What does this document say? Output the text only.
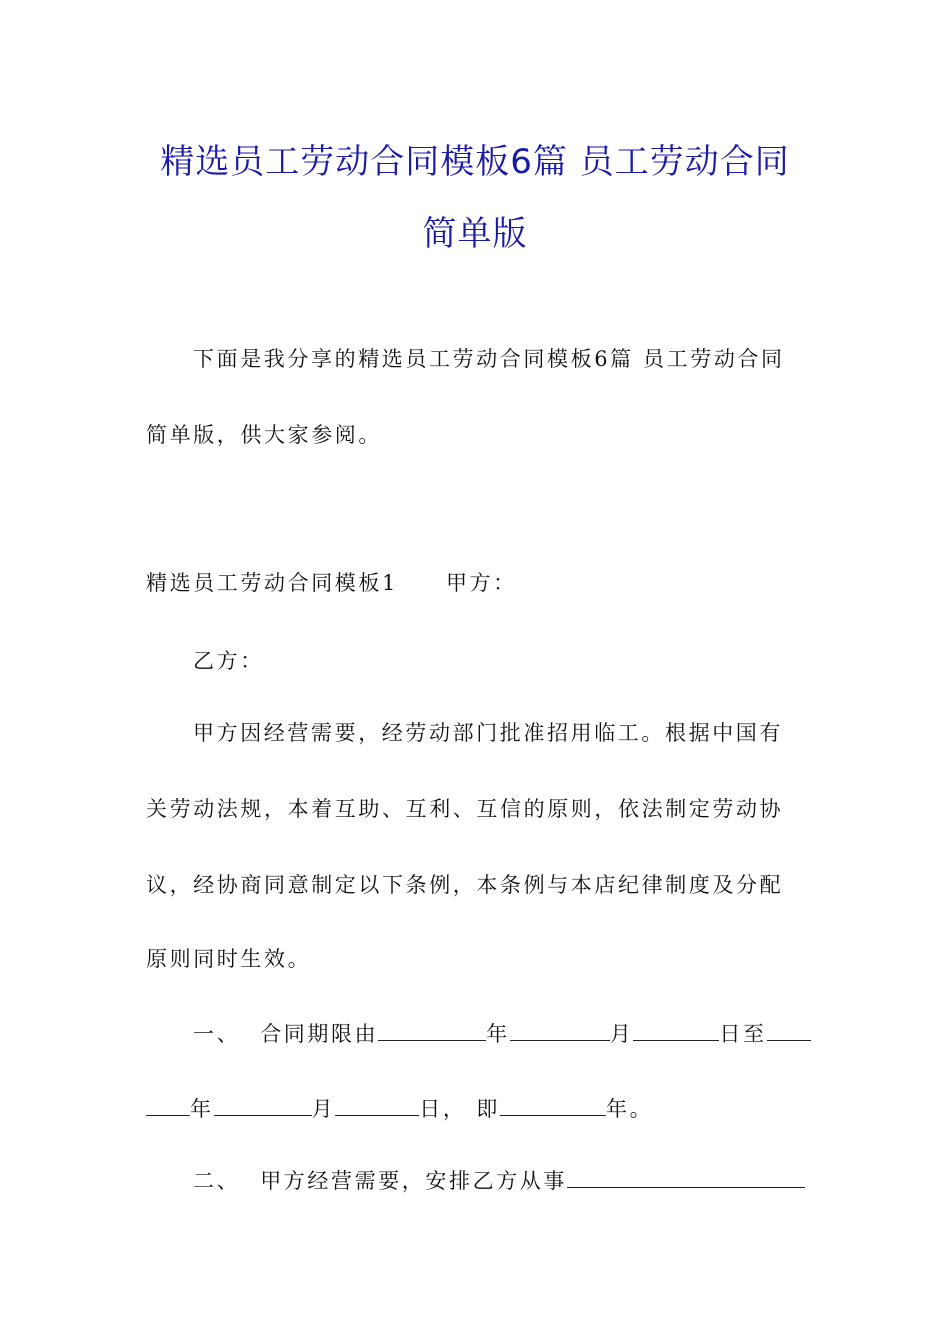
精选员工劳动合同模板6篇 员工劳动合同
简单版
下面是我分享的精选员工劳动合同模板6篇 员工劳动合同
简单版，供大家参阅。
精选员工劳动合同模板1 甲方：
乙方：
甲方因经营需要，经劳动部门批准招用临工。根据中国有
关劳动法规，本着互助、互利、互信的原则，依法制定劳动协
议，经协商同意制定以下条例，本条例与本店纪律制度及分配
原则同时生效。
一、 合同期限由	年	月	日至
年	月	日， 即	年。
二、 甲方经营需要，安排乙方从事
